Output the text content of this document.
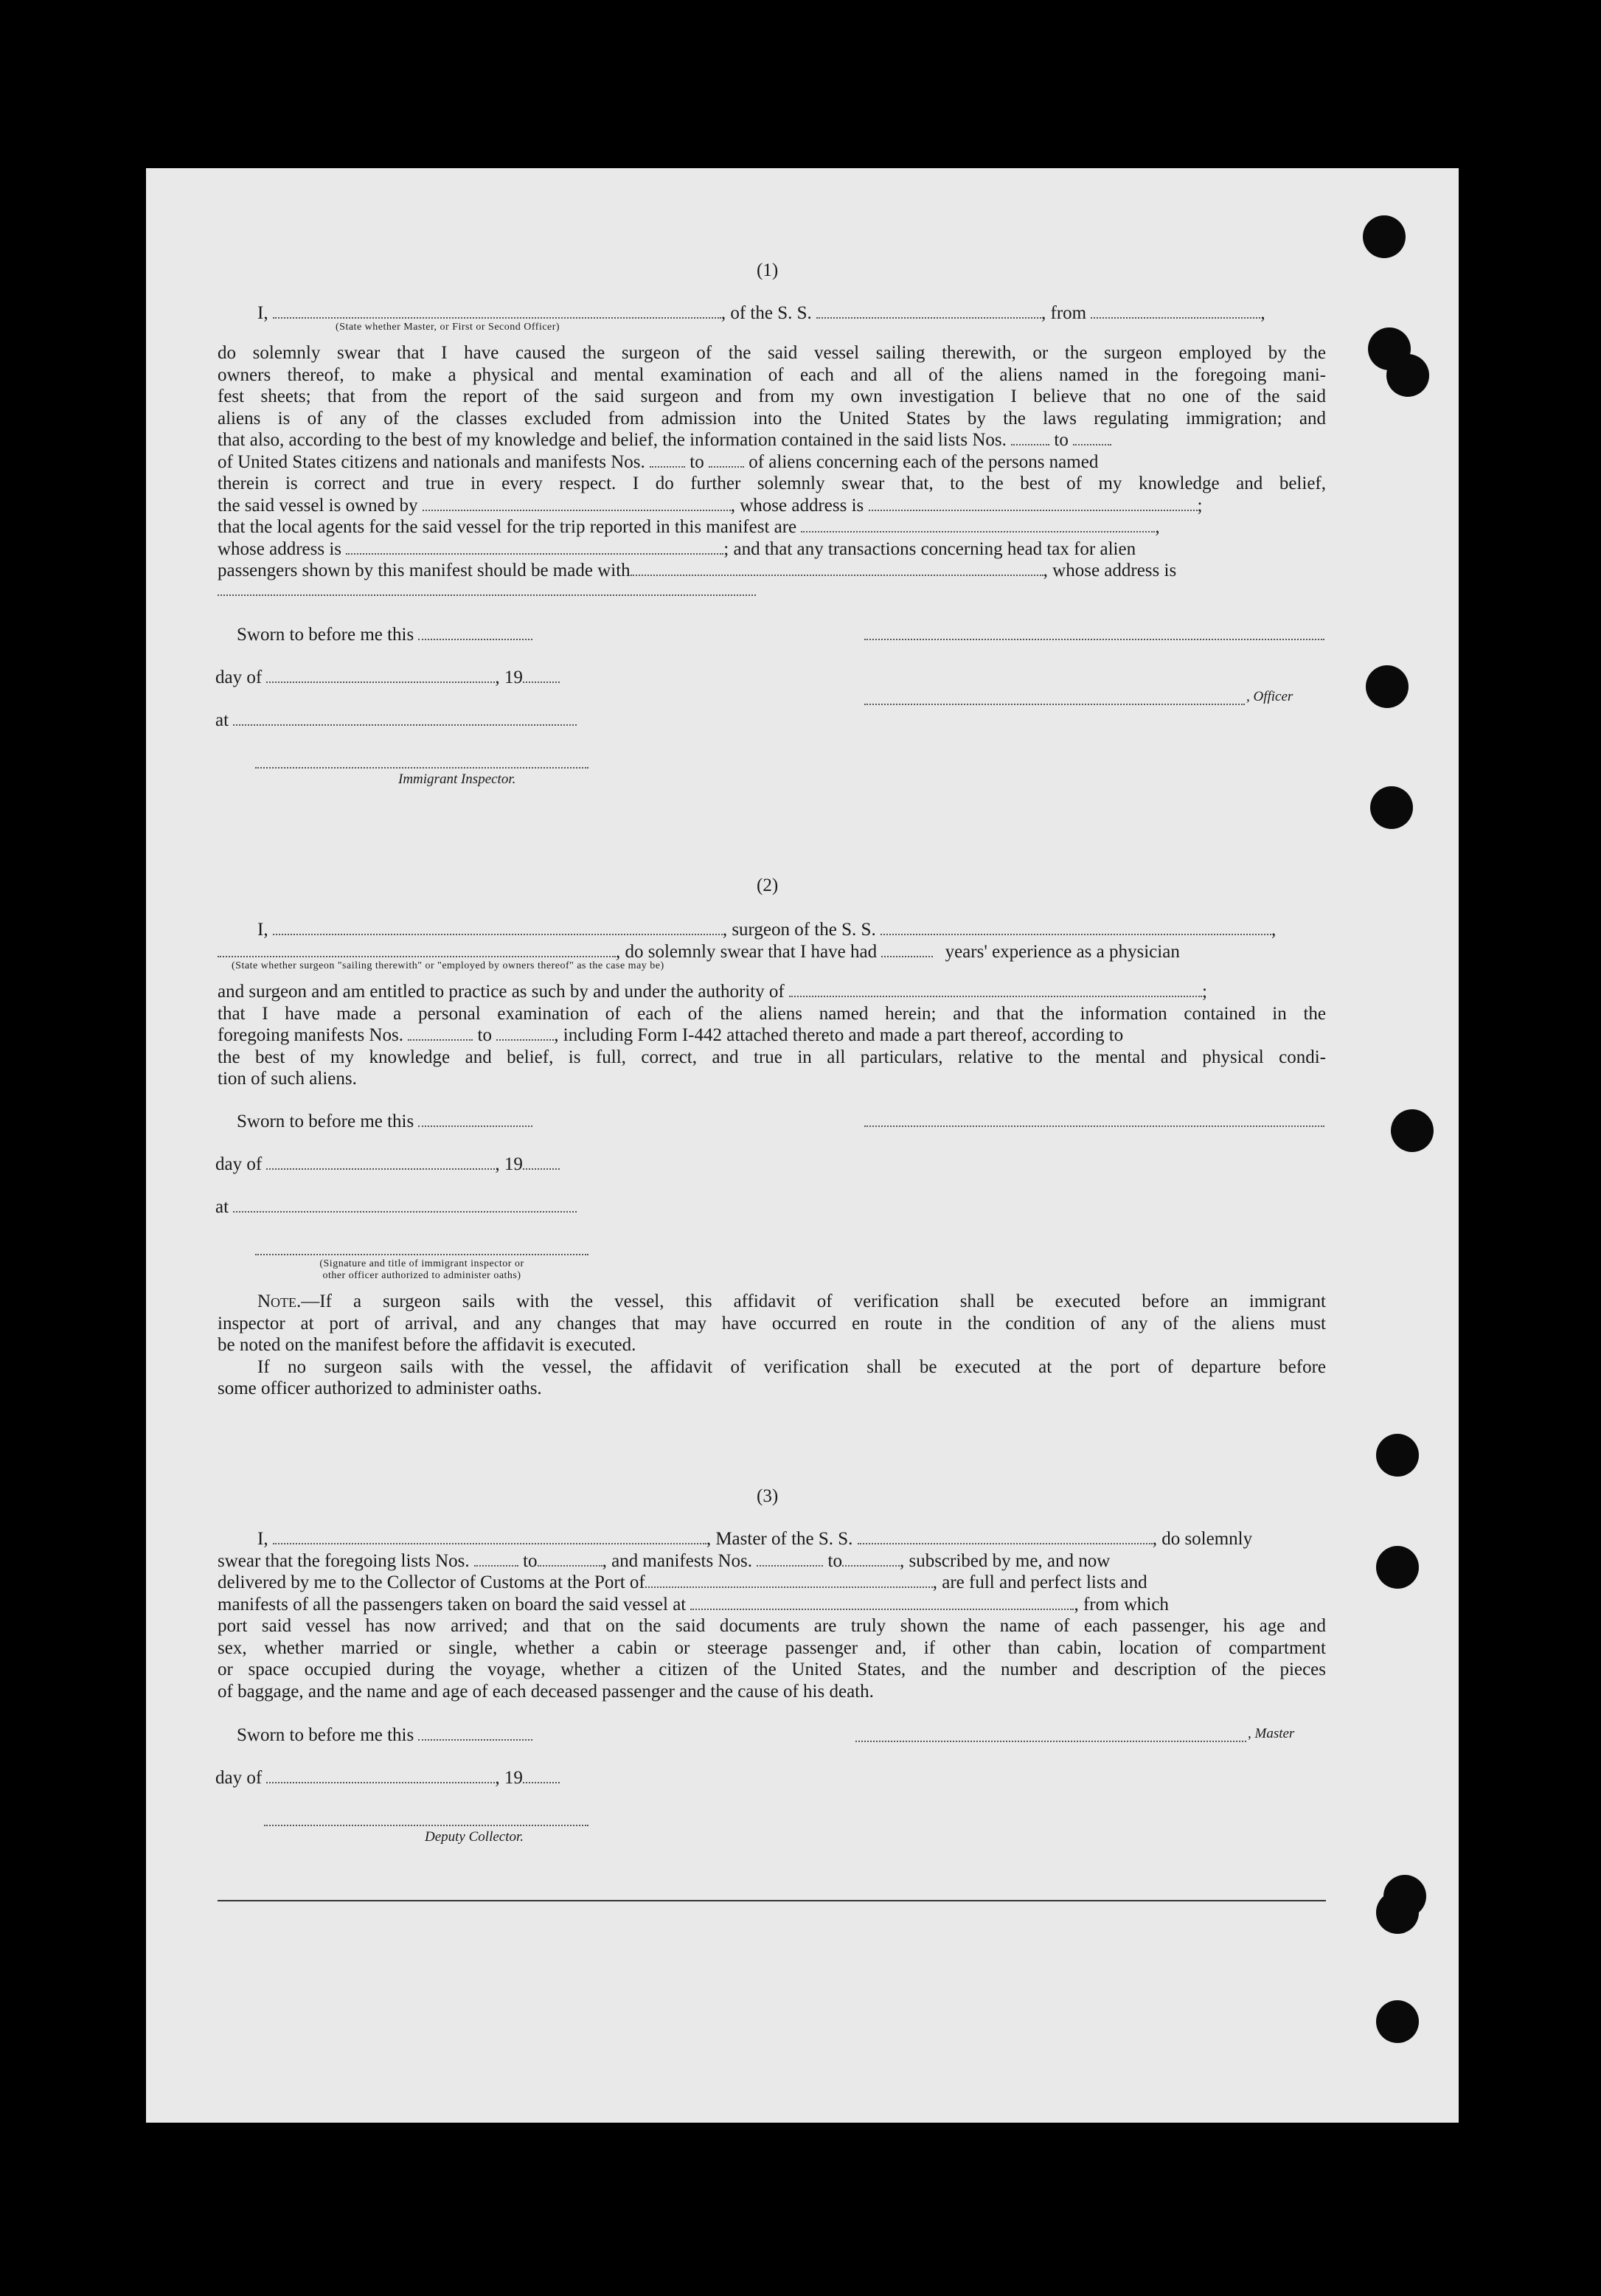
(1)
I,	, of the S. S.	, from	,
(State whether Master, or First or Second Officer)
do solemnly swear that I have caused the surgeon of the said vessel sailing therewith, or the surgeon employed by the
owners thereof, to make a physical and mental examination of each and all of the aliens named in the foregoing mani-
fest sheets; that from the report of the said surgeon and from my own investigation I believe that no one of the said
aliens is of any of the classes excluded from admission into the United States by the laws regulating immigration; and
that also, according to the best of my knowledge and belief, the information contained in the said lists Nos.	to
of United States citizens and nationals and manifests Nos. to of aliens concerning each of the persons named
therein is correct and true in every respect. I do further solemnly swear that, to the best of my knowledge and belief,
the said vessel is owned by	, whose address is	;
that the local agents for the said vessel for the trip reported in this manifest are	,
whose address is	; and that any transactions concerning head tax for alien
passengers shown by this manifest should be made with	, whose address is
Sworn to before me this
day of	, 19
, Officer
at
Immigrant Inspector.
(2)
I,	, surgeon of the S. S.	,
, do solemnly swear that I have had	years' experience as a physician
(State whether surgeon "sailing therewith" or "employed by owners thereof" as the case may be)
and surgeon and am entitled to practice as such by and under the authority of	;
that I have made a personal examination of each of the aliens named herein; and that the information contained in the
foregoing manifests Nos.	to	, including Form I-442 attached thereto and made a part thereof, according to
the best of my knowledge and belief, is full, correct, and true in all particulars, relative to the mental and physical condi-
tion of such aliens.
Sworn to before me this
day of	, 19
at
(Signature and title of immigrant inspector or
other officer authorized to administer oaths)
Note.—If a surgeon sails with the vessel, this affidavit of verification shall be executed before an immigrant
inspector at port of arrival, and any changes that may have occurred en route in the condition of any of the aliens must
be noted on the manifest before the affidavit is executed.
If no surgeon sails with the vessel, the affidavit of verification shall be executed at the port of departure before
some officer authorized to administer oaths.
(3)
I,	, Master of the S. S.	, do solemnly
swear that the foregoing lists Nos.	to	, and manifests Nos.	to	, subscribed by me, and now
delivered by me to the Collector of Customs at the Port of	, are full and perfect lists and
manifests of all the passengers taken on board the said vessel at	, from which
port said vessel has now arrived; and that on the said documents are truly shown the name of each passenger, his age and
sex, whether married or single, whether a cabin or steerage passenger and, if other than cabin, location of compartment
or space occupied during the voyage, whether a citizen of the United States, and the number and description of the pieces
of baggage, and the name and age of each deceased passenger and the cause of his death.
Sworn to before me this	, Master
day of	, 19
Deputy Collector.
